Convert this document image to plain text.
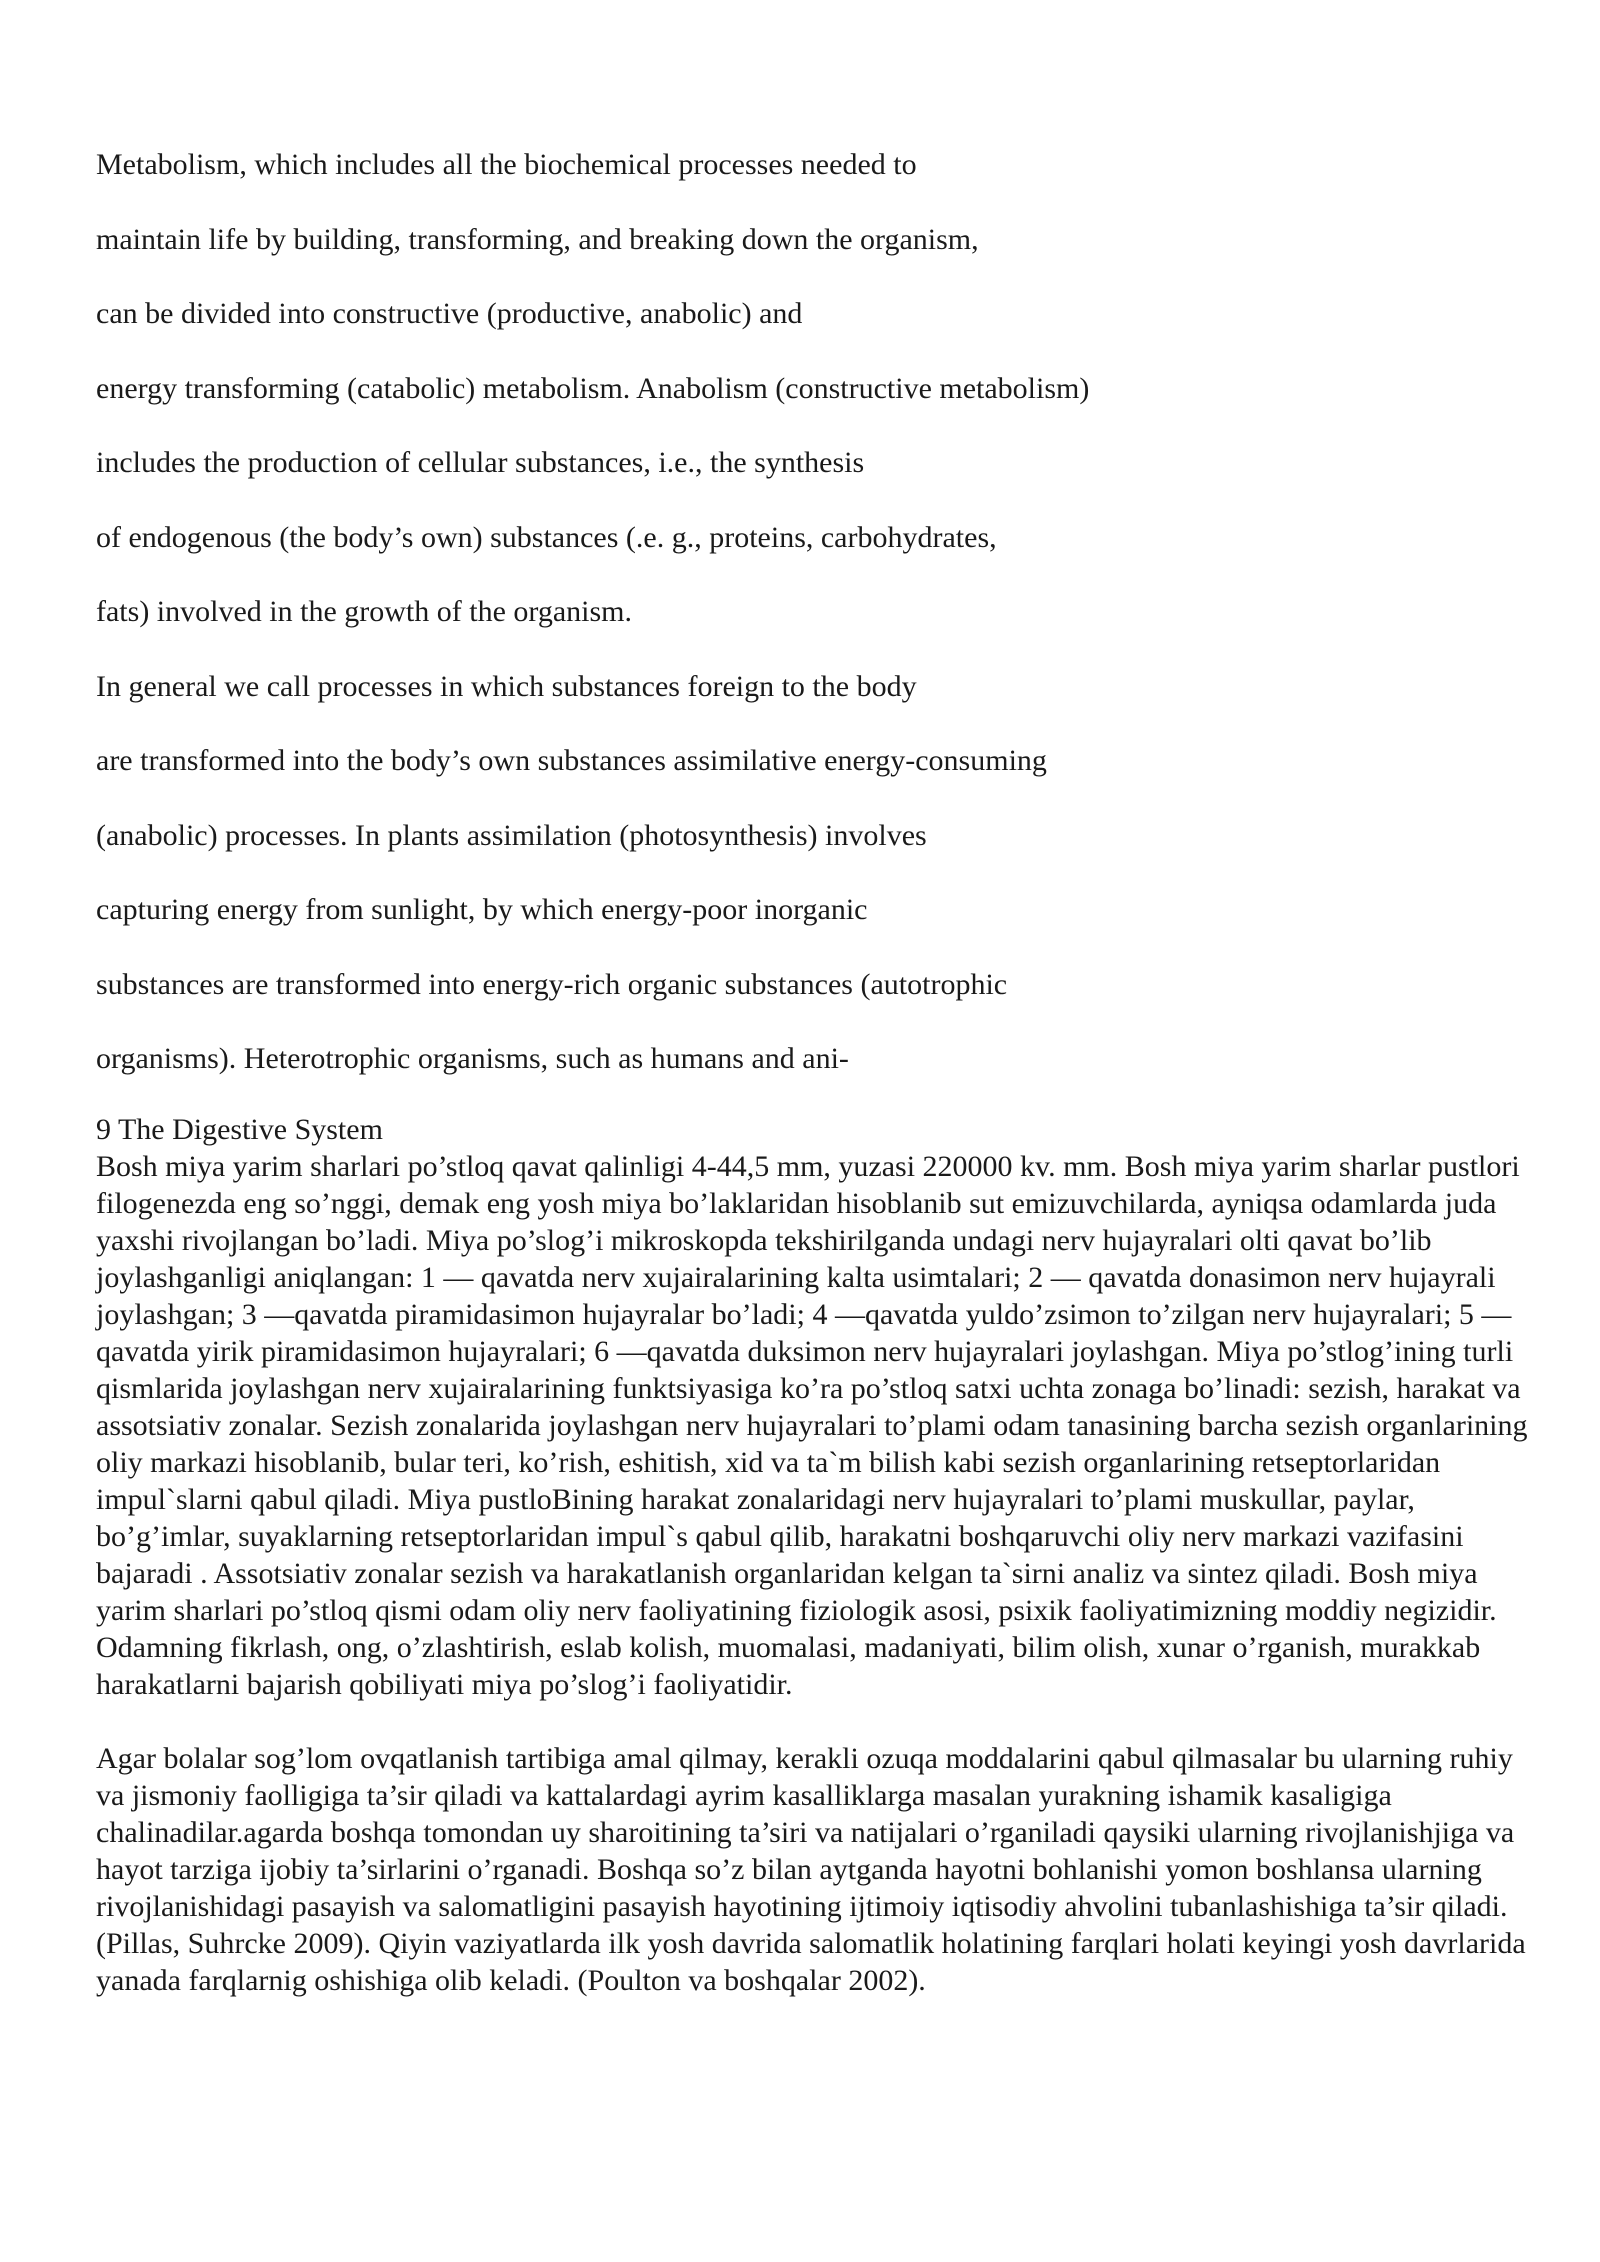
Metabolism, which includes all the biochemical processes needed to

maintain life by building, transforming, and breaking down the organism,

can be divided into constructive (productive, anabolic) and

energy transforming (catabolic) metabolism. Anabolism (constructive metabolism)

includes the production of cellular substances, i.e., the synthesis

of endogenous (the body’s own) substances (.e. g., proteins, carbohydrates,

fats) involved in the growth of the organism.

In general we call processes in which substances foreign to the body

are transformed into the body’s own substances assimilative energy-consuming

(anabolic) processes. In plants assimilation (photosynthesis) involves

capturing energy from sunlight, by which energy-poor inorganic

substances are transformed into energy-rich organic substances (autotrophic

organisms). Heterotrophic organisms, such as humans and ani-

9 The Digestive System

Bosh miya yarim sharlari po’stloq qavat qalinligi 4-44,5 mm, yuzasi 220000 kv. mm. Bosh miya yarim sharlar pustlori filogenezda eng so’nggi, demak eng yosh miya bo’laklaridan hisoblanib sut emizuvchilarda, ayniqsa odamlarda juda yaxshi rivojlangan bo’ladi. Miya po’slog’i mikroskopda tekshirilganda undagi nerv hujayralari olti qavat bo’lib joylashganligi aniqlangan: 1 — qavatda nerv xujairalarining kalta usimtalari; 2 — qavatda donasimon nerv hujayrali joylashgan; 3 —qavatda piramidasimon hujayralar bo’ladi; 4 —qavatda yuldo’zsimon to’zilgan nerv hujayralari; 5 —qavatda yirik piramidasimon hujayralari; 6 —qavatda duksimon nerv hujayralari joylashgan. Miya po’stlog’ining turli qismlarida joylashgan nerv xujairalarining funktsiyasiga ko’ra po’stloq satxi uchta zonaga bo’linadi: sezish, harakat va assotsiativ zonalar. Sezish zonalarida joylashgan nerv hujayralari to’plami odam tanasining barcha sezish organlarining oliy markazi hisoblanib, bular teri, ko’rish, eshitish, xid va ta`m bilish kabi sezish organlarining retseptorlaridan impul`slarni qabul qiladi. Miya pustloBining harakat zonalaridagi nerv hujayralari to’plami muskullar, paylar, bo’g’imlar, suyaklarning retseptorlaridan impul`s qabul qilib, harakatni boshqaruvchi oliy nerv markazi vazifasini bajaradi . Assotsiativ zonalar sezish va harakatlanish organlaridan kelgan ta`sirni analiz va sintez qiladi. Bosh miya yarim sharlari po’stloq qismi odam oliy nerv faoliyatining fiziologik asosi, psixik faoliyatimizning moddiy negizidir. Odamning fikrlash, ong, o’zlashtirish, eslab kolish, muomalasi, madaniyati, bilim olish, xunar o’rganish, murakkab harakatlarni bajarish qobiliyati miya po’slog’i faoliyatidir.

Agar bolalar sog’lom ovqatlanish tartibiga amal qilmay, kerakli ozuqa moddalarini qabul qilmasalar bu ularning ruhiy va jismoniy faolligiga ta’sir qiladi va kattalardagi ayrim kasalliklarga masalan yurakning ishamik kasaligiga chalinadilar.agarda boshqa tomondan uy sharoitining ta’siri va natijalari o’rganiladi qaysiki ularning rivojlanishjiga va hayot tarziga ijobiy ta’sirlarini o’rganadi. Boshqa so’z bilan aytganda hayotni bohlanishi yomon boshlansa ularning rivojlanishidagi pasayish va salomatligini pasayish hayotining ijtimoiy iqtisodiy ahvolini tubanlashishiga ta’sir qiladi.(Pillas, Suhrcke 2009). Qiyin vaziyatlarda ilk yosh davrida salomatlik holatining farqlari holati keyingi yosh davrlarida yanada farqlarnig oshishiga olib keladi. (Poulton va boshqalar 2002).
